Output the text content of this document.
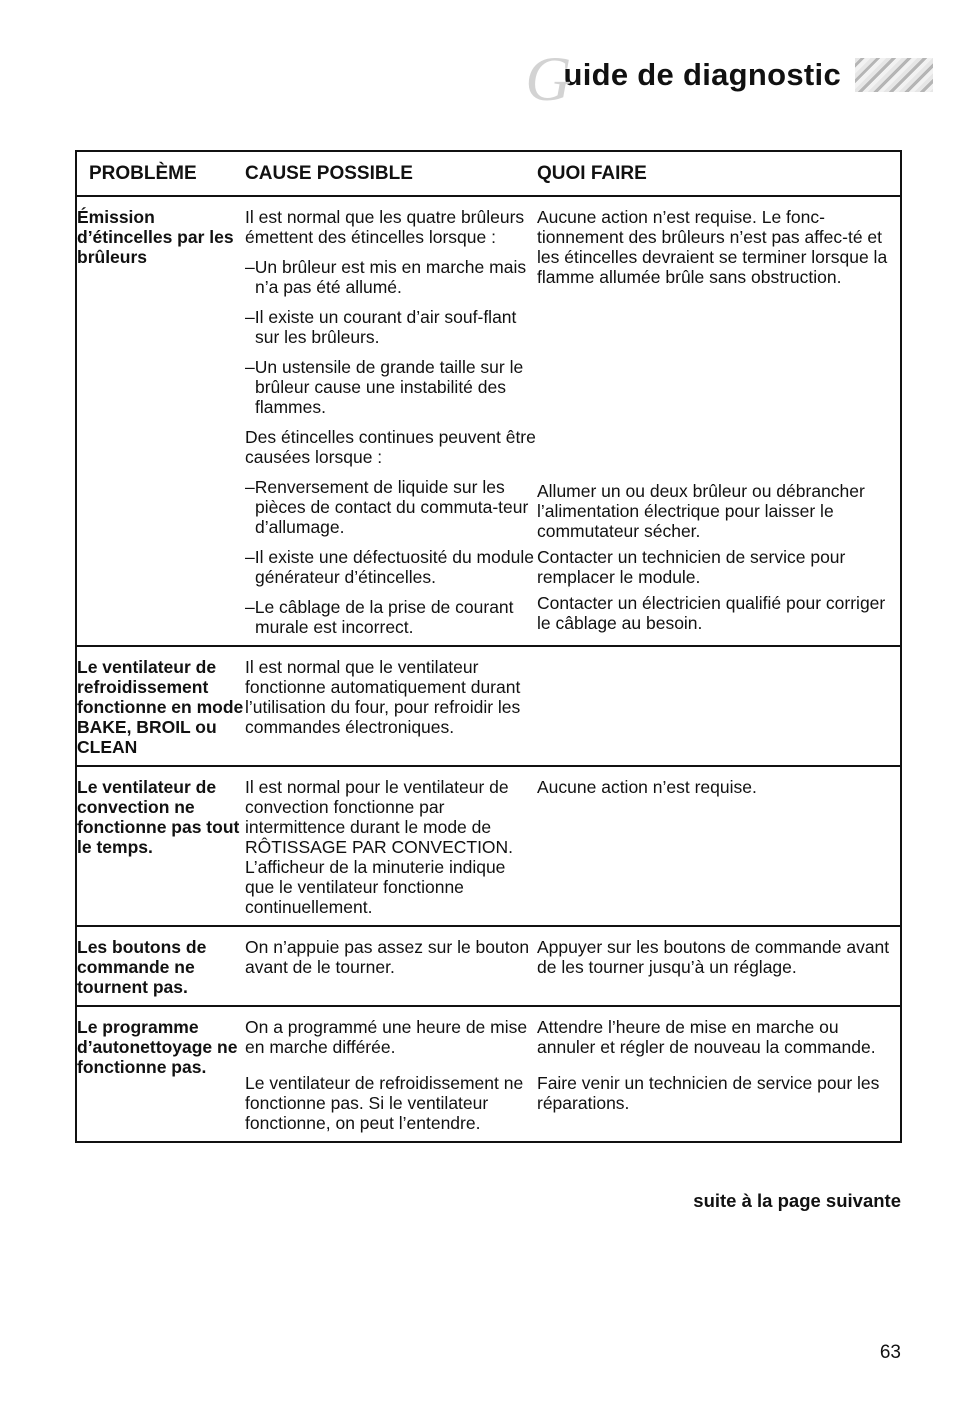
G
uide de diagnostic
PROBLÈME	CAUSE POSSIBLE	QUOI FAIRE
Émission d’étincelles par les brûleurs

Il est normal que les quatre brûleurs émettent des étincelles lorsque :

–Un brûleur est mis en marche mais n’a pas été allumé.

–Il existe un courant d’air souf-flant sur les brûleurs.

–Un ustensile de grande taille sur le brûleur cause une instabilité des flammes.

Des étincelles continues peuvent être causées lorsque :

–Renversement de liquide sur les pièces de contact du commuta-teur d’allumage.

–Il existe une défectuosité du module générateur d’étincelles.

–Le câblage de la prise de courant murale est incorrect.

Aucune action n’est requise. Le fonc-tionnement des brûleurs n’est pas affec-té et les étincelles devraient se terminer lorsque la flamme allumée brûle sans obstruction.

Allumer un ou deux brûleur ou débrancher l’alimentation électrique pour laisser le commutateur sécher.

Contacter un technicien de service pour remplacer le module.

Contacter un électricien qualifié pour corriger le câblage au besoin.

Le ventilateur de refroidissement fonctionne en mode BAKE, BROIL ou CLEAN

Il est normal que le ventilateur fonctionne automatiquement durant l’utilisation du four, pour refroidir les commandes électroniques.

Le ventilateur de convection ne fonctionne pas tout le temps.

Il est normal pour le ventilateur de convection fonctionne par intermittence durant le mode de RÔTISSAGE PAR CONVECTION. L’afficheur de la minuterie indique que le ventilateur fonctionne continuellement.

Aucune action n’est requise.

Les boutons de commande ne tournent pas.

On n’appuie pas assez sur le bouton avant de le tourner.

Appuyer sur les boutons de commande avant de les tourner jusqu’à un réglage.

Le programme d’autonettoyage ne fonctionne pas.

On a programmé une heure de mise en marche différée.

Le ventilateur de refroidissement ne fonctionne pas. Si le ventilateur fonctionne, on peut l’entendre.

Attendre l’heure de mise en marche ou annuler et régler de nouveau la commande.

Faire venir un technicien de service pour les réparations.

suite à la page suivante
63
